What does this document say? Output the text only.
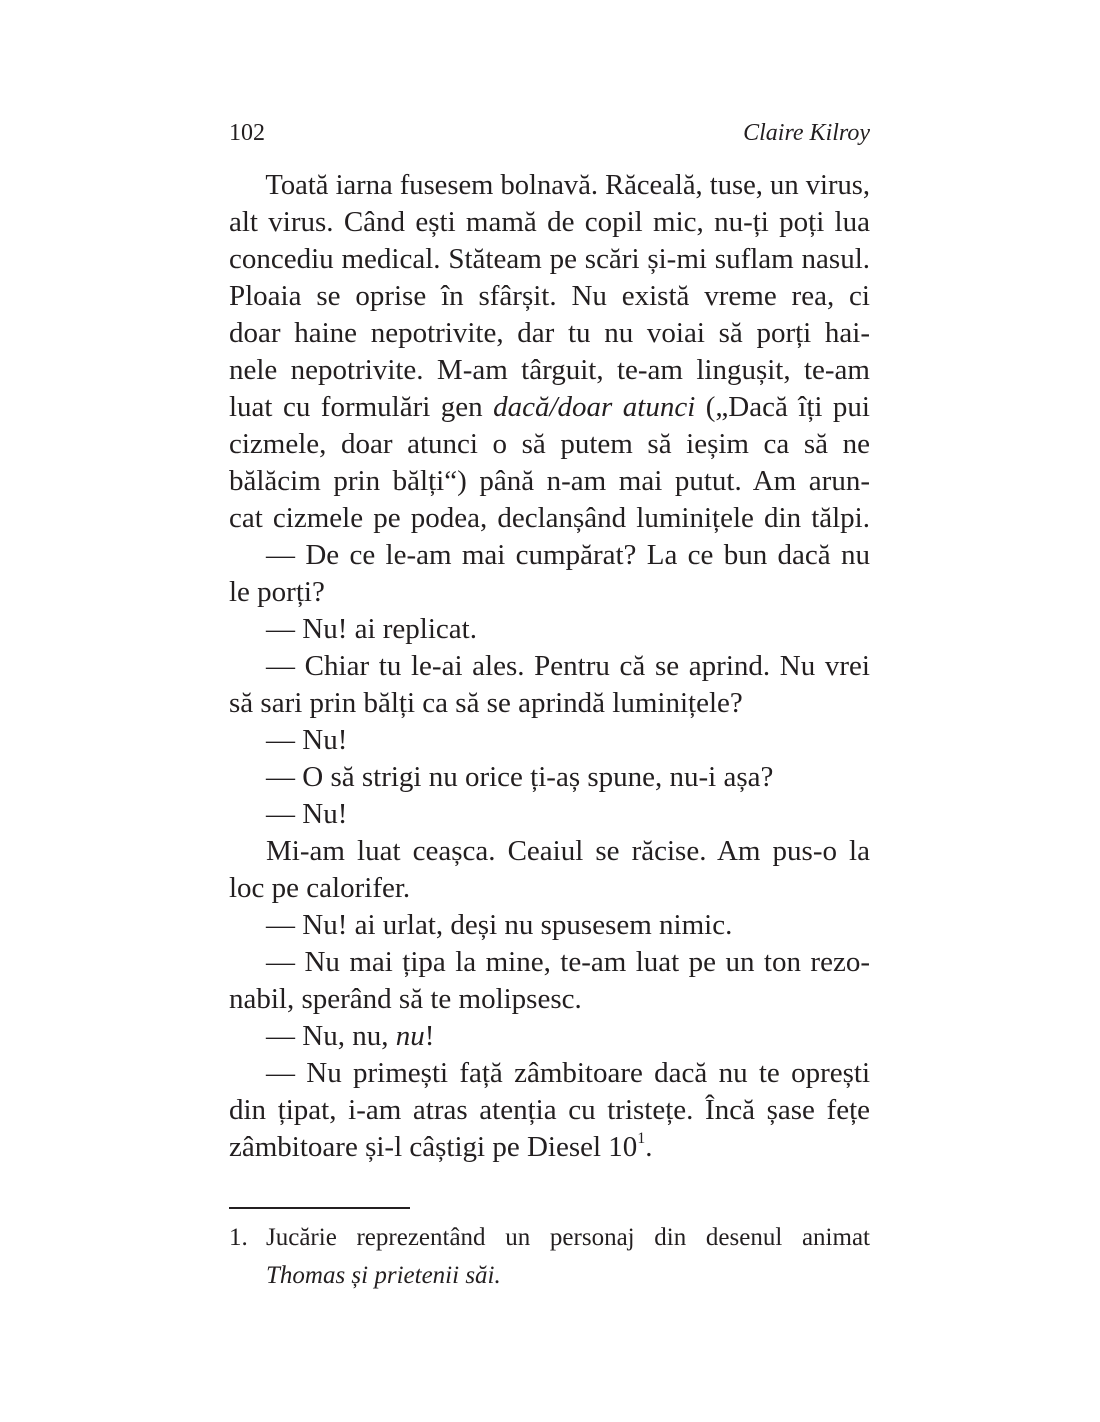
102	Claire Kilroy
Toată iarna fusesem bolnavă. Răceală, tuse, un virus,
alt virus. Când ești mamă de copil mic, nu-ți poți lua
concediu medical. Stăteam pe scări și-mi suflam nasul.
Ploaia se oprise în sfârșit. Nu există vreme rea, ci
doar haine nepotrivite, dar tu nu voiai să porți hai-
nele nepotrivite. M-am târguit, te-am lingușit, te-am
luat cu formulări gen dacă/doar atunci („Dacă îți pui
cizmele, doar atunci o să putem să ieșim ca să ne
bălăcim prin bălți“) până n-am mai putut. Am arun-
cat cizmele pe podea, declanșând luminițele din tălpi.
— De ce le-am mai cumpărat? La ce bun dacă nu
le porți?
— Nu! ai replicat.
— Chiar tu le-ai ales. Pentru că se aprind. Nu vrei
să sari prin bălți ca să se aprindă luminițele?
— Nu!
— O să strigi nu orice ți-aș spune, nu-i așa?
— Nu!
Mi-am luat ceașca. Ceaiul se răcise. Am pus-o la
loc pe calorifer.
— Nu! ai urlat, deși nu spusesem nimic.
— Nu mai țipa la mine, te-am luat pe un ton rezo-
nabil, sperând să te molipsesc.
— Nu, nu, nu!
— Nu primești față zâmbitoare dacă nu te oprești
din țipat, i-am atras atenția cu tristețe. Încă șase fețe
zâmbitoare și-l câștigi pe Diesel $10^1$.
1. Jucărie reprezentând un personaj din desenul animat
Thomas și prietenii săi.
